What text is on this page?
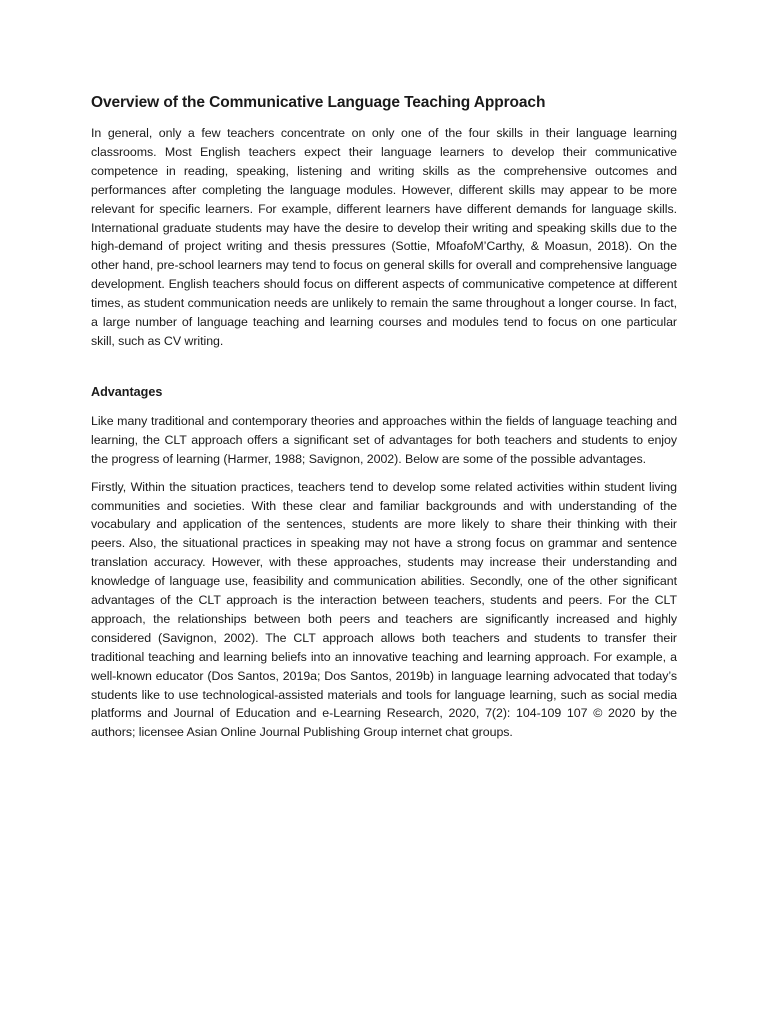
Overview of the Communicative Language Teaching Approach

In general, only a few teachers concentrate on only one of the four skills in their language learning classrooms. Most English teachers expect their language learners to develop their communicative competence in reading, speaking, listening and writing skills as the comprehensive outcomes and performances after completing the language modules. However, different skills may appear to be more relevant for specific learners. For example, different learners have different demands for language skills. International graduate students may have the desire to develop their writing and speaking skills due to the high-demand of project writing and thesis pressures (Sottie, MfoafoM’Carthy, & Moasun, 2018). On the other hand, pre-school learners may tend to focus on general skills for overall and comprehensive language development. English teachers should focus on different aspects of communicative competence at different times, as student communication needs are unlikely to remain the same throughout a longer course. In fact, a large number of language teaching and learning courses and modules tend to focus on one particular skill, such as CV writing.

Advantages

Like many traditional and contemporary theories and approaches within the fields of language teaching and learning, the CLT approach offers a significant set of advantages for both teachers and students to enjoy the progress of learning (Harmer, 1988; Savignon, 2002). Below are some of the possible advantages.

Firstly, Within the situation practices, teachers tend to develop some related activities within student living communities and societies. With these clear and familiar backgrounds and with understanding of the vocabulary and application of the sentences, students are more likely to share their thinking with their peers. Also, the situational practices in speaking may not have a strong focus on grammar and sentence translation accuracy. However, with these approaches, students may increase their understanding and knowledge of language use, feasibility and communication abilities. Secondly, one of the other significant advantages of the CLT approach is the interaction between teachers, students and peers. For the CLT approach, the relationships between both peers and teachers are significantly increased and highly considered (Savignon, 2002). The CLT approach allows both teachers and students to transfer their traditional teaching and learning beliefs into an innovative teaching and learning approach. For example, a well-known educator (Dos Santos, 2019a; Dos Santos, 2019b) in language learning advocated that today’s students like to use technological-assisted materials and tools for language learning, such as social media platforms and Journal of Education and e-Learning Research, 2020, 7(2): 104-109 107 © 2020 by the authors; licensee Asian Online Journal Publishing Group internet chat groups.
